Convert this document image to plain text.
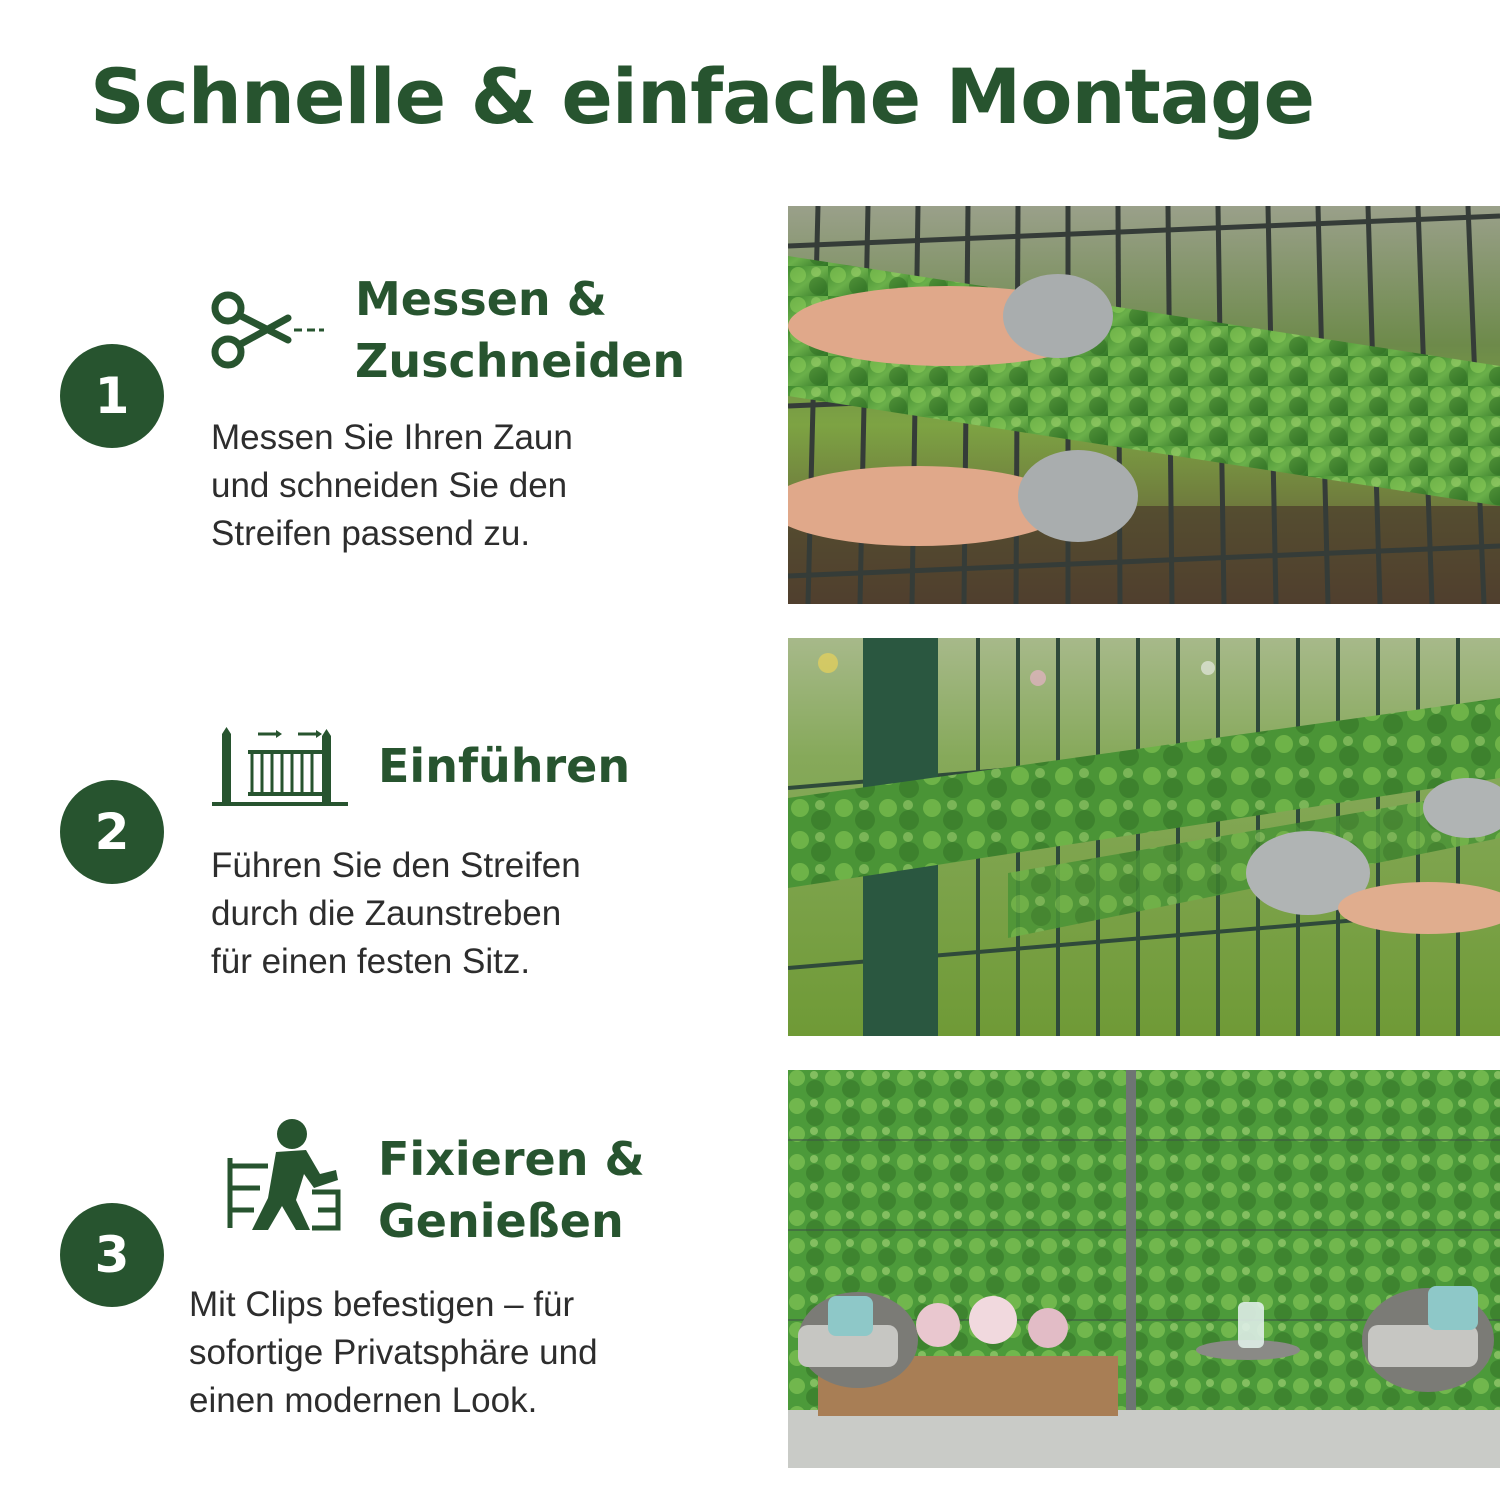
Schnelle & einfache Montage
1
Messen &
Zuschneiden
Messen Sie Ihren Zaun
und schneiden Sie den
Streifen passend zu.
2
Einführen
Führen Sie den Streifen
durch die Zaunstreben
für einen festen Sitz.
3
Fixieren &
Genießen
Mit Clips befestigen – für
sofortige Privatsphäre und
einen modernen Look.
